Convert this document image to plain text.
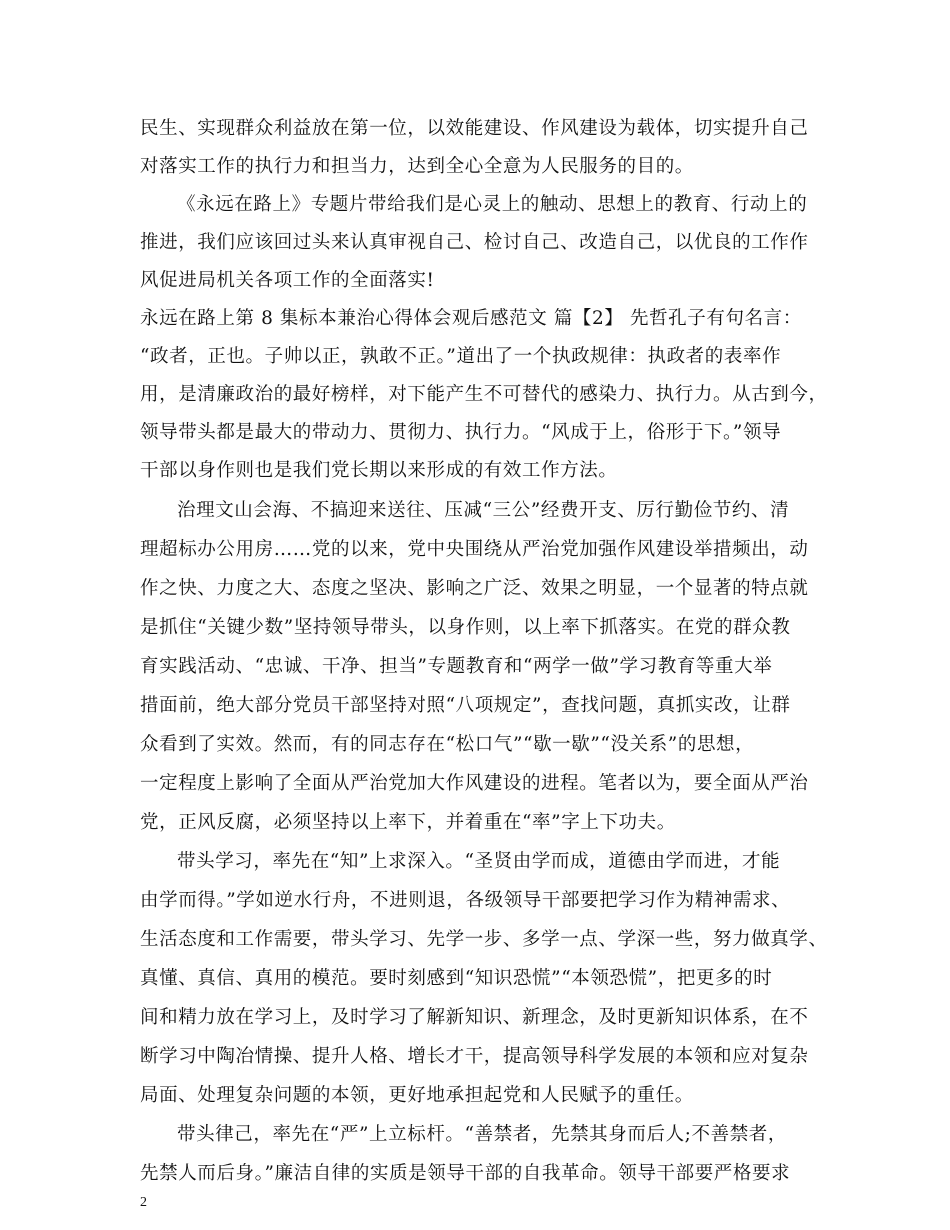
民生、实现群众利益放在第一位，以效能建设、作风建设为载体，切实提升自己
对落实工作的执行力和担当力，达到全心全意为人民服务的目的。
《永远在路上》专题片带给我们是心灵上的触动、思想上的教育、行动上的
推进，我们应该回过头来认真审视自己、检讨自己、改造自己，以优良的工作作
风促进局机关各项工作的全面落实!
永远在路上第 8 集标本兼治心得体会观后感范文 篇【2】 先哲孔子有句名言：
“政者，正也。子帅以正，孰敢不正。”道出了一个执政规律：执政者的表率作
用，是清廉政治的最好榜样，对下能产生不可替代的感染力、执行力。从古到今，
领导带头都是最大的带动力、贯彻力、执行力。“风成于上，俗形于下。”领导
干部以身作则也是我们党长期以来形成的有效工作方法。
治理文山会海、不搞迎来送往、压减“三公”经费开支、厉行勤俭节约、清
理超标办公用房……党的以来，党中央围绕从严治党加强作风建设举措频出，动
作之快、力度之大、态度之坚决、影响之广泛、效果之明显，一个显著的特点就
是抓住“关键少数”坚持领导带头，以身作则，以上率下抓落实。在党的群众教
育实践活动、“忠诚、干净、担当”专题教育和“两学一做”学习教育等重大举
措面前，绝大部分党员干部坚持对照“八项规定”，查找问题，真抓实改，让群
众看到了实效。然而，有的同志存在“松口气”“歇一歇”“没关系”的思想，
一定程度上影响了全面从严治党加大作风建设的进程。笔者以为，要全面从严治
党，正风反腐，必须坚持以上率下，并着重在“率”字上下功夫。
带头学习，率先在“知”上求深入。“圣贤由学而成，道德由学而进，才能
由学而得。”学如逆水行舟，不进则退，各级领导干部要把学习作为精神需求、
生活态度和工作需要，带头学习、先学一步、多学一点、学深一些，努力做真学、
真懂、真信、真用的模范。要时刻感到“知识恐慌”“本领恐慌”，把更多的时
间和精力放在学习上，及时学习了解新知识、新理念，及时更新知识体系，在不
断学习中陶冶情操、提升人格、增长才干，提高领导科学发展的本领和应对复杂
局面、处理复杂问题的本领，更好地承担起党和人民赋予的重任。
带头律己，率先在“严”上立标杆。“善禁者，先禁其身而后人;不善禁者，
先禁人而后身。”廉洁自律的实质是领导干部的自我革命。领导干部要严格要求
2
